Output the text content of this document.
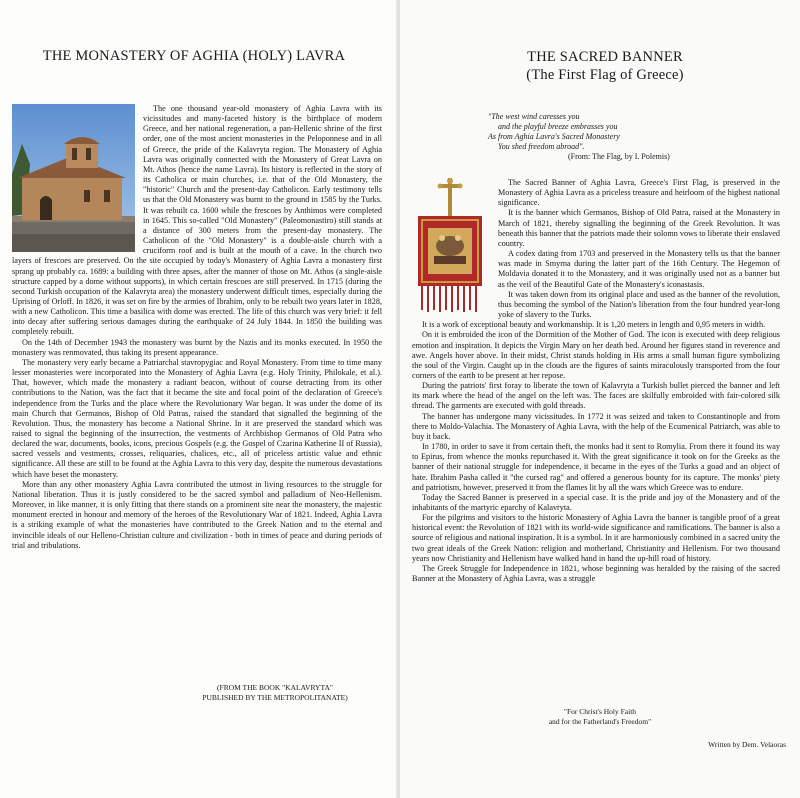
THE MONASTERY OF AGHIA (HOLY) LAVRA

The one thousand year-old monastery of Aghia Lavra with its vicissitudes and many-faceted history is the birthplace of modern Greece, and her national regeneration, a pan-Hellenic shrine of the first order, one of the most ancient monasteries in the Peloponnese and in all of Greece, the pride of the Kalavryta region. The Monastery of Aghia Lavra was originally connected with the Monastery of Great Lavra on Mt. Athos (hence the name Lavra). Its history is reflected in the story of its Catholica or main churches, i.e. that of the Old Monastery, the "historic" Church and the present-day Catholicon. Early testimony tells us that the Old Monastery was burnt to the ground in 1585 by the Turks. It was rebuilt ca. 1600 while the frescoes by Anthimos were completed in 1645. This so-called "Old Monastery" (Paleomonastiro) still stands at a distance of 300 meters from the present-day monastery. The Catholicon of the "Old Monastery" is a double-aisle church with a cruciform roof and is built at the mouth of a cave. In the church two layers of frescoes are preserved. On the site occupied by today's Monastery of Aghia Lavra a monastery first sprang up probably ca. 1689: a building with three apses, after the manner of those on Mt. Athos (a single-aisle structure capped by a dome without supports), in which certain frescoes are still preserved. In 1715 (during the second Turkish occupation of the Kalavryta area) the monastery underwent difficult times, especially during the Uprising of Orloff. In 1826, it was set on fire by the armies of Ibrahim, only to be rebuilt two years later in 1828, with a new Catholicon. This time a basilica with dome was erected. The life of this church was very brief: it fell into decay after suffering serious damages during the earthquake of 24 July 1844. In 1850 the building was completely rebuilt.

On the 14th of December 1943 the monastery was burnt by the Nazis and its monks executed. In 1950 the monastery was renmovated, thus taking its present appearance.

The monastery very early became a Patriarchal stavropygiac and Royal Monastery. From time to time many lesser monasteries were incorporated into the Monastery of Aghia Lavra (e.g. Holy Trinity, Philokale, et al.). That, however, which made the monastery a radiant beacon, without of course detracting from its other contributions to the Nation, was the fact that it became the site and focal point of the declaration of Greece's independence from the Turks and the place where the Revolutionary War began. It was under the dome of its main Church that Germanos, Bishop of Old Patras, raised the standard that signalled the beginning of the Revolution. Thus, the monastery has become a National Shrine. In it are preserved the standard which was raised to signal the beginning of the insurrection, the vestments of Archbishop Germanos of Old Patra who declared the war, documents, books, icons, precious Gospels (e.g. the Gospel of Czarina Katherine II of Russia), sacred vessels and vestments, crosses, reliquaries, chalices, etc., all of priceless artistic value and ethnic significance. All these are still to be found at the Aghia Lavra to this very day, despite the numerous devastations which have beset the monastery.

More than any other monastery Aghia Lavra contributed the utmost in living resources to the struggle for National liberation. Thus it is justly considered to be the sacred symbol and palladium of Neo-Hellenism. Moreover, in like manner, it is only fitting that there stands on a prominent site near the monastery, the majestic monument erected in honour and memory of the heroes of the Revolutionary War of 1821. Indeed, Aghia Lavra is a striking example of what the monasteries have contributed to the Greek Nation and to the eternal and invincible ideals of our Helleno-Christian culture and civilization - both in times of peace and during periods of trial and tribulations.

(FROM THE BOOK "KALAVRYTA"
PUBLISHED BY THE METROPOLITANATE)
THE SACRED BANNER
(The First Flag of Greece)
"The west wind caresses you
and the playful breeze embrasses you
As from Aghia Lavra's Sacred Monastery
You shed freedom abroad".
(From: The Flag, by I. Polemis)

The Sacred Banner of Aghia Lavra, Greece's First Flag, is preserved in the Monastery of Aghia Lavra as a priceless treasure and heirloom of the highest national significance.

It is the banner which Germanos, Bishop of Old Patra, raised at the Monastery in March of 1821, thereby signalling the beginning of the Greek Revolution. It was beneath this banner that the patriots made their solomn vows to liberate their enslaved country.

A codex dating from 1703 and preserved in the Monastery tells us that the banner was made in Smyrna during the latter part of the 16th Century. The Hegemon of Moldavia donated it to the Monastery, and it was originally used not as a banner but as the veil of the Beautiful Gate of the Monastery's iconastasis.

It was taken down from its original place and used as the banner of the revolution, thus becoming the symbol of the Nation's liberation from the four hundred year-long yoke of slavery to the Turks.

It is a work of exceptional beauty and workmanship. It is 1,20 meters in length and 0,95 meters in width.

On it is embroided the icon of the Dormition of the Mother of God. The icon is executed with deep religious emotion and inspiration. It depicts the Virgin Mary on her death bed. Around her figures stand in reverence and awe. Angels hover above. In their midst, Christ stands holding in His arms a small human figure symbolizing the soul of the Virgin. Caught up in the clouds are the figures of saints miraculously transported from the four corners of the earth to be present at her repose.

During the patriots' first foray to liberate the town of Kalavryta a Turkish bullet pierced the banner and left its mark where the head of the angel on the left was. The faces are skilfully embroided with fair-colored silk thread. The garments are executed with gold threads.

The banner has undergone many vicissitudes. In 1772 it was seized and taken to Constantinople and from there to Moldo-Valachia. The Monastery of Aghia Lavra, with the help of the Ecumenical Patriarch, was able to buy it back.

In 1780, in order to save it from certain theft, the monks had it sent to Romylia. From there it found its way to Epirus, from whence the monks repurchased it. With the great significance it took on for the Greeks as the banner of their national struggle for independence, it became in the eyes of the Turks a goad and an object of hate. Ibrahim Pasha called it "the cursed rag" and offered a generous bounty for its capture. The monks' piety and patriotism, however, preserved it from the flames lit by all the wars which Greece was to endure.

Today the Sacred Banner is preserved in a special case. It is the pride and joy of the Monastery and of the inhabitants of the martyric eparchy of Kalavryta.

For the pilgrims and visitors to the historic Monastery of Aghia Lavra the banner is tangible proof of a great historical event: the Revolution of 1821 with its world-wide significance and ramifications. The banner is also a source of religious and national inspiration. It is a symbol. In it are harmoniously combined in a sacred unity the two great ideals of the Greek Nation: religion and motherland, Christianity and Hellenism. For two thousand years now Christianity and Hellenism have walked hand in hand the up-hill road of history.

The Greek Struggle for Independence in 1821, whose beginning was heralded by the raising of the sacred Banner at the Monastery of Aghia Lavra, was a struggle

"For Christ's Holy Faith
and for the Fatherland's Freedom"
Written by Dem. Velaoras
